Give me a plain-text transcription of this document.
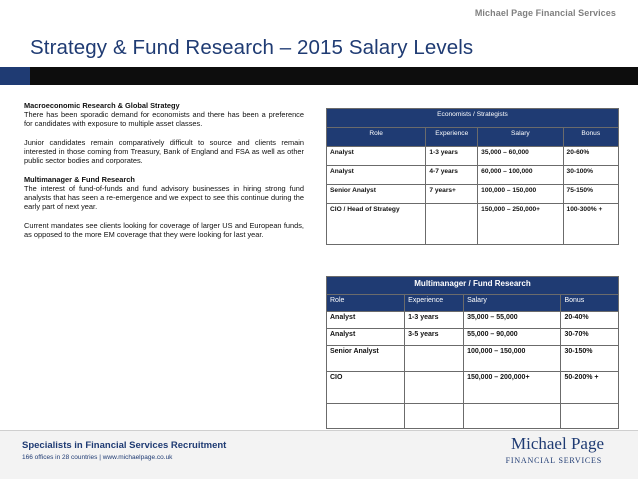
Michael Page Financial Services
Strategy & Fund Research – 2015 Salary Levels
Macroeconomic Research & Global Strategy

There has been sporadic demand for economists and there has been a preference for candidates with exposure to multiple asset classes.

Junior candidates remain comparatively difficult to source and clients remain interested in those coming from Treasury, Bank of England and FSA as well as other public sector bodies and corporates.

Multimanager & Fund Research

The interest of fund-of-funds and fund advisory businesses in hiring strong fund analysts that has seen a re-emergence and we expect to see this continue during the early part of next year.

Current mandates see clients looking for coverage of larger US and European funds, as opposed to the more EM coverage that they were looking for last year.

Economists / Strategists			
Role	Experience	Salary	Bonus
Analyst	1-3 years	35,000 – 60,000	20-60%
Analyst	4-7 years	60,000 – 100,000	30-100%
Senior Analyst	7 years+	100,000 – 150,000	75-150%
CIO / Head of Strategy		150,000 – 250,000+	100-300% +
Multimanager / Fund Research			
Role	Experience	Salary	Bonus
Analyst	1-3 years	35,000 – 55,000	20-40%
Analyst	3-5 years	55,000 – 90,000	30-70%
Senior Analyst		100,000 – 150,000	30-150%
CIO		150,000 – 200,000+	50-200% +

Specialists in Financial Services Recruitment
166 offices in 28 countries | www.michaelpage.co.uk
Michael Page
FINANCIAL SERVICES
